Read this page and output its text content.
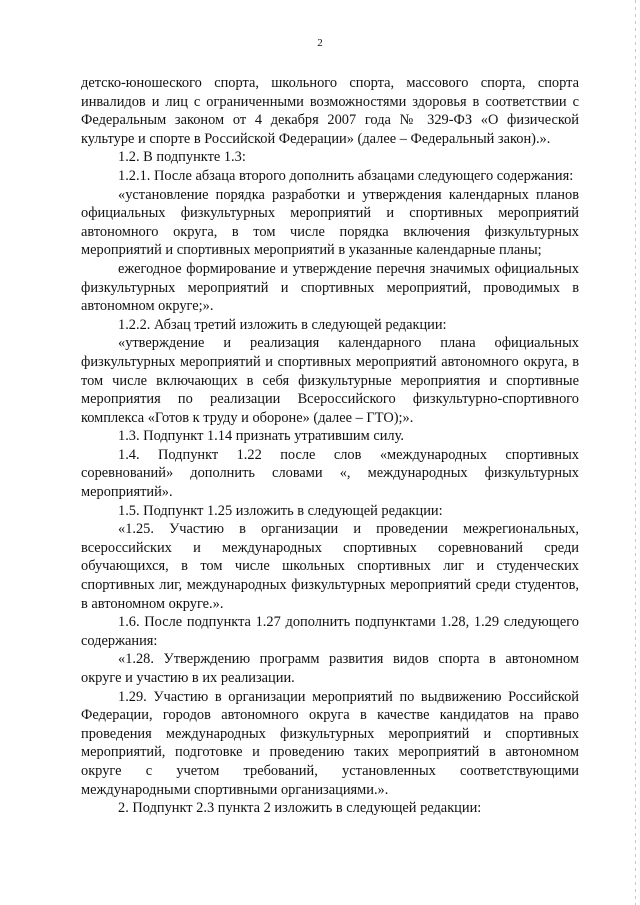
2

детско-юношеского спорта, школьного спорта, массового спорта, спорта инвалидов и лиц с ограниченными возможностями здоровья в соответствии с Федеральным законом от 4 декабря 2007 года № 329-ФЗ «О физической культуре и спорте в Российской Федерации» (далее – Федеральный закон).».

1.2. В подпункте 1.3:

1.2.1. После абзаца второго дополнить абзацами следующего содержания:

«установление порядка разработки и утверждения календарных планов официальных физкультурных мероприятий и спортивных мероприятий автономного округа, в том числе порядка включения физкультурных мероприятий и спортивных мероприятий в указанные календарные планы;

ежегодное формирование и утверждение перечня значимых официальных физкультурных мероприятий и спортивных мероприятий, проводимых в автономном округе;».

1.2.2. Абзац третий изложить в следующей редакции:

«утверждение и реализация календарного плана официальных физкультурных мероприятий и спортивных мероприятий автономного округа, в том числе включающих в себя физкультурные мероприятия и спортивные мероприятия по реализации Всероссийского физкультурно-спортивного комплекса «Готов к труду и обороне» (далее – ГТО);».

1.3. Подпункт 1.14 признать утратившим силу.

1.4. Подпункт 1.22 после слов «международных спортивных соревнований» дополнить словами «, международных физкультурных мероприятий».

1.5. Подпункт 1.25 изложить в следующей редакции:

«1.25. Участию в организации и проведении межрегиональных, всероссийских и международных спортивных соревнований среди обучающихся, в том числе школьных спортивных лиг и студенческих спортивных лиг, международных физкультурных мероприятий среди студентов, в автономном округе.».

1.6. После подпункта 1.27 дополнить подпунктами 1.28, 1.29 следующего содержания:

«1.28. Утверждению программ развития видов спорта в автономном округе и участию в их реализации.

1.29. Участию в организации мероприятий по выдвижению Российской Федерации, городов автономного округа в качестве кандидатов на право проведения международных физкультурных мероприятий и спортивных мероприятий, подготовке и проведению таких мероприятий в автономном округе с учетом требований, установленных соответствующими международными спортивными организациями.».

2. Подпункт 2.3 пункта 2 изложить в следующей редакции:
